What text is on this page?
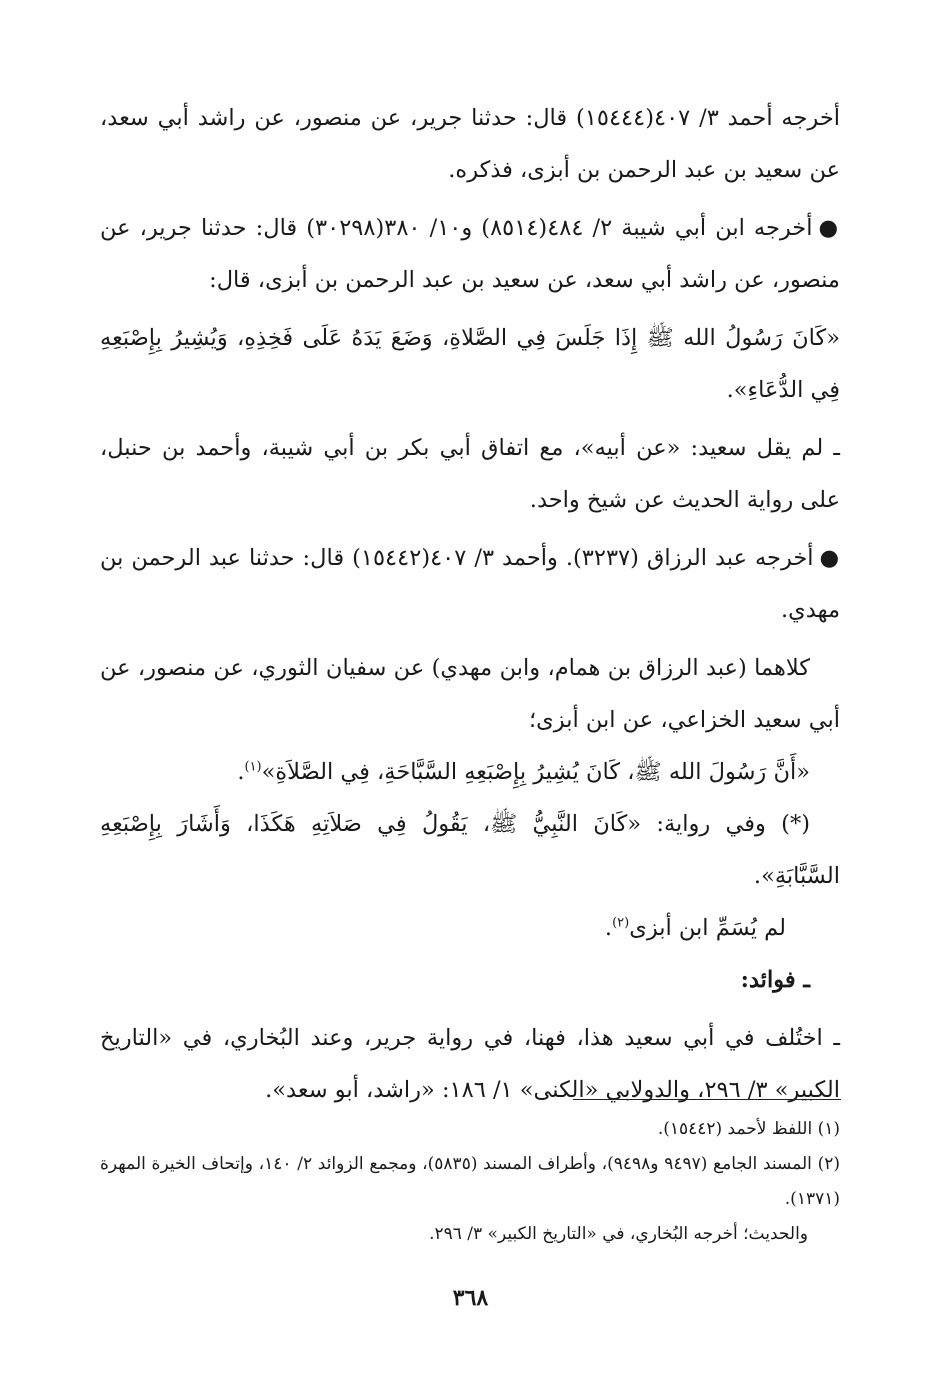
أخرجه أحمد ٣/ ٤٠٧(١٥٤٤٤) قال: حدثنا جرير، عن منصور، عن راشد أبي سعد، عن سعيد بن عبد الرحمن بن أبزى، فذكره.

●أخرجه ابن أبي شيبة ٢/ ٤٨٤(٨٥١٤) و١٠/ ٣٨٠(٣٠٢٩٨) قال: حدثنا جرير، عن منصور، عن راشد أبي سعد، عن سعيد بن عبد الرحمن بن أبزى، قال:

«كَانَ رَسُولُ الله ﷺ إِذَا جَلَسَ فِي الصَّلاةِ، وَضَعَ يَدَهُ عَلَى فَخِذِهِ، وَيُشِيرُ بِإِصْبَعِهِ فِي الدُّعَاءِ».

ـ لم يقل سعيد: «عن أبيه»، مع اتفاق أبي بكر بن أبي شيبة، وأحمد بن حنبل، على رواية الحديث عن شيخ واحد.

●أخرجه عبد الرزاق (٣٢٣٧). وأحمد ٣/ ٤٠٧(١٥٤٤٢) قال: حدثنا عبد الرحمن بن مهدي.

كلاهما (عبد الرزاق بن همام، وابن مهدي) عن سفيان الثوري، عن منصور، عن أبي سعيد الخزاعي، عن ابن أبزى؛

«أَنَّ رَسُولَ الله ﷺ، كَانَ يُشِيرُ بِإِصْبَعِهِ السَّبَّاحَةِ، فِي الصَّلاَةِ»$^{(١)}$.

(*) وفي رواية: «كَانَ النَّبِيُّ ﷺ، يَقُولُ فِي صَلاَتِهِ هَكَذَا، وَأَشَارَ بِإِصْبَعِهِ السَّبَّابَةِ».

لم يُسَمِّ ابن أبزى$^{(٢)}$.

ـ فوائد:

ـ اختُلف في أبي سعيد هذا، فهنا، في رواية جرير، وعند البُخاري، في «التاريخ الكبير» ٣/ ٢٩٦، والدولابي «الكنى» ١/ ١٨٦: «راشد، أبو سعد».

(١) اللفظ لأحمد (١٥٤٤٢).

(٢) المسند الجامع (٩٤٩٧ و٩٤٩٨)، وأطراف المسند (٥٨٣٥)، ومجمع الزوائد ٢/ ١٤٠، وإتحاف الخيرة المهرة (١٣٧١).

والحديث؛ أخرجه البُخاري، في «التاريخ الكبير» ٣/ ٢٩٦.

٣٦٨
